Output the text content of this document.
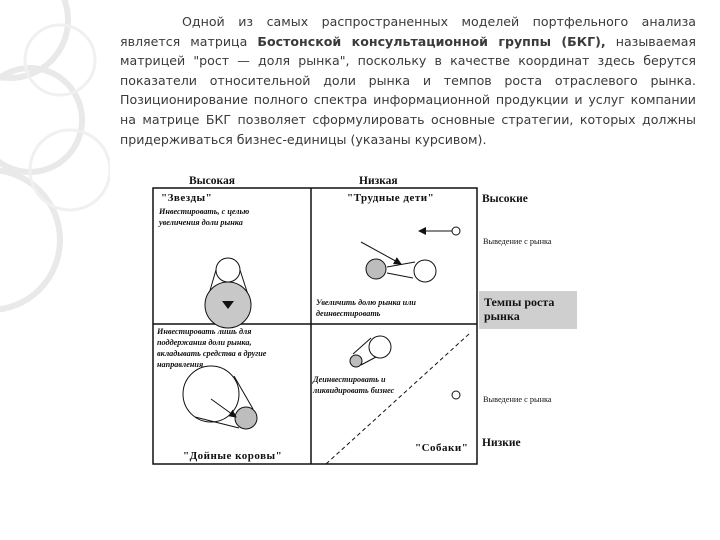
Одной из самых распространенных моделей портфельного анализа является матрица Бостонской консультационной группы (БКГ), называемая матрицей "рост — доля рынка", поскольку в качестве координат здесь берутся показатели относительной доли рынка и темпов роста отраслевого рынка. Позиционирование полного спектра информационной продукции и услуг компании на матрице БКГ позволяет сформулировать основные стратегии, которых должны придерживаться бизнес-единицы (указаны курсивом).

Высокая	Низкая
"Звезды"	"Трудные дети"
"Дойные коровы"
"Собаки"
Инвестировать, с целью увеличения доли рынка
Увеличить долю рынка или деинвестировать
Инвестировать лишь для поддержания доли рынка, вкладывать средства в другие направления
Деинвестировать и ликвидировать бизнес
Высокие
Выведение с рынка
Темпы роста
рынка
Выведение с рынка
Низкие
